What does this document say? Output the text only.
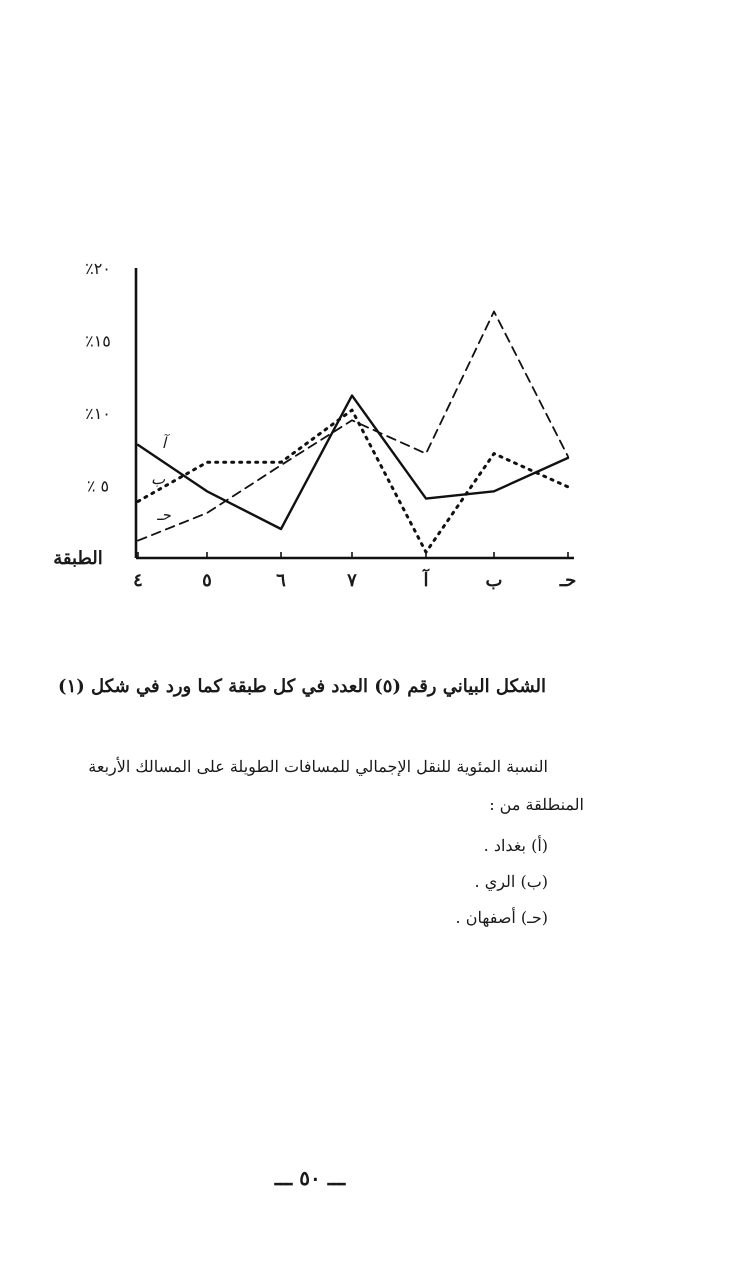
٤	٥	٦	٧	آ	ب	حـ
٪ ٥
٪١٠
٪١٥
٪٢٠
الطبقة
آ
ب
حـ
الشكل البياني رقم (٥) العدد في كل طبقة كما ورد في شكل (١)
النسبة المئوية للنقل الإجمالي للمسافات الطويلة على المسالك الأربعة
المنطلقة من :
(أ) بغداد .
(ب) الري .
(حـ) أصفهان .
ـــ ٥٠ ـــ
